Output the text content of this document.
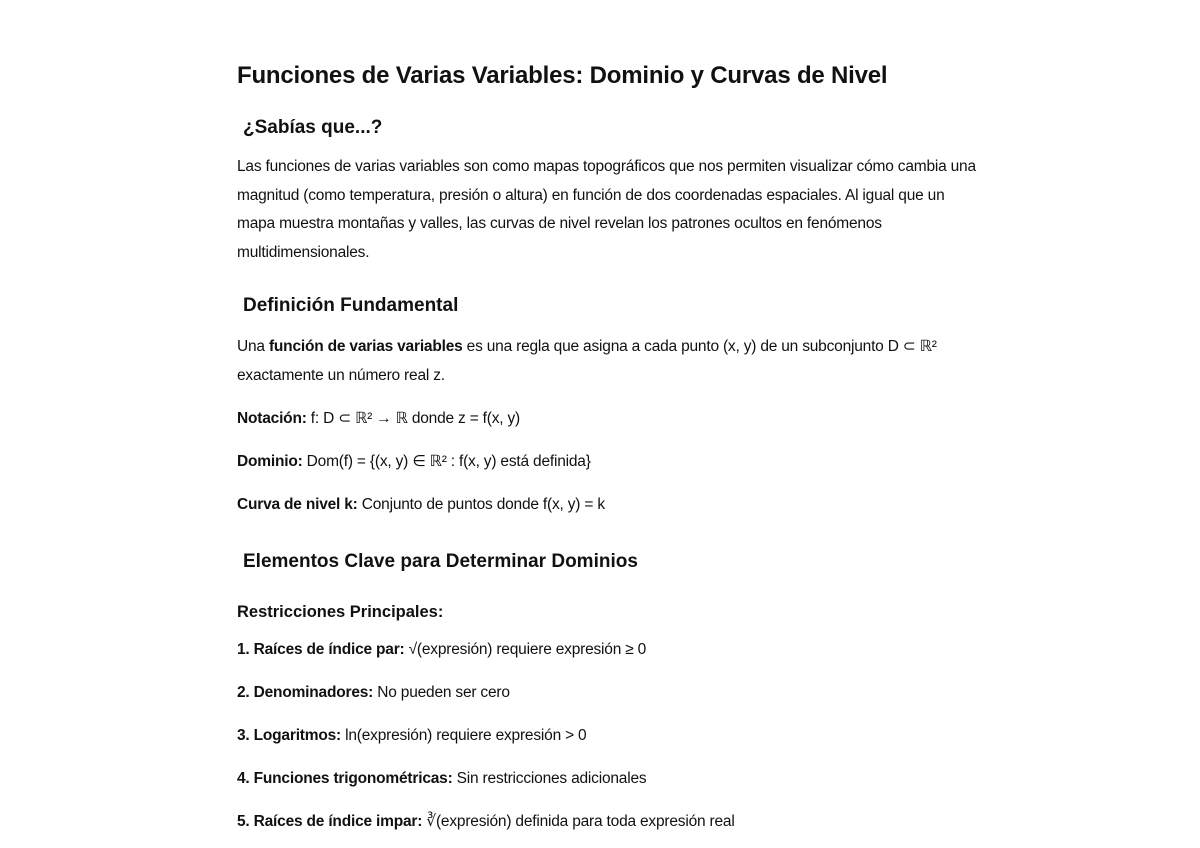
Funciones de Varias Variables: Dominio y Curvas de Nivel
¿Sabías que...?

Las funciones de varias variables son como mapas topográficos que nos permiten visualizar cómo cambia una magnitud (como temperatura, presión o altura) en función de dos coordenadas espaciales. Al igual que un mapa muestra montañas y valles, las curvas de nivel revelan los patrones ocultos en fenómenos multidimensionales.

Definición Fundamental

Una función de varias variables es una regla que asigna a cada punto (x, y) de un subconjunto D ⊂ ℝ² exactamente un número real z.

Notación: f: D ⊂ ℝ² → ℝ donde z = f(x, y)

Dominio: Dom(f) = {(x, y) ∈ ℝ² : f(x, y) está definida}

Curva de nivel k: Conjunto de puntos donde f(x, y) = k

Elementos Clave para Determinar Dominios
Restricciones Principales:

1. Raíces de índice par: √(expresión) requiere expresión ≥ 0

2. Denominadores: No pueden ser cero

3. Logaritmos: ln(expresión) requiere expresión > 0

4. Funciones trigonométricas: Sin restricciones adicionales

5. Raíces de índice impar: ∛(expresión) definida para toda expresión real
